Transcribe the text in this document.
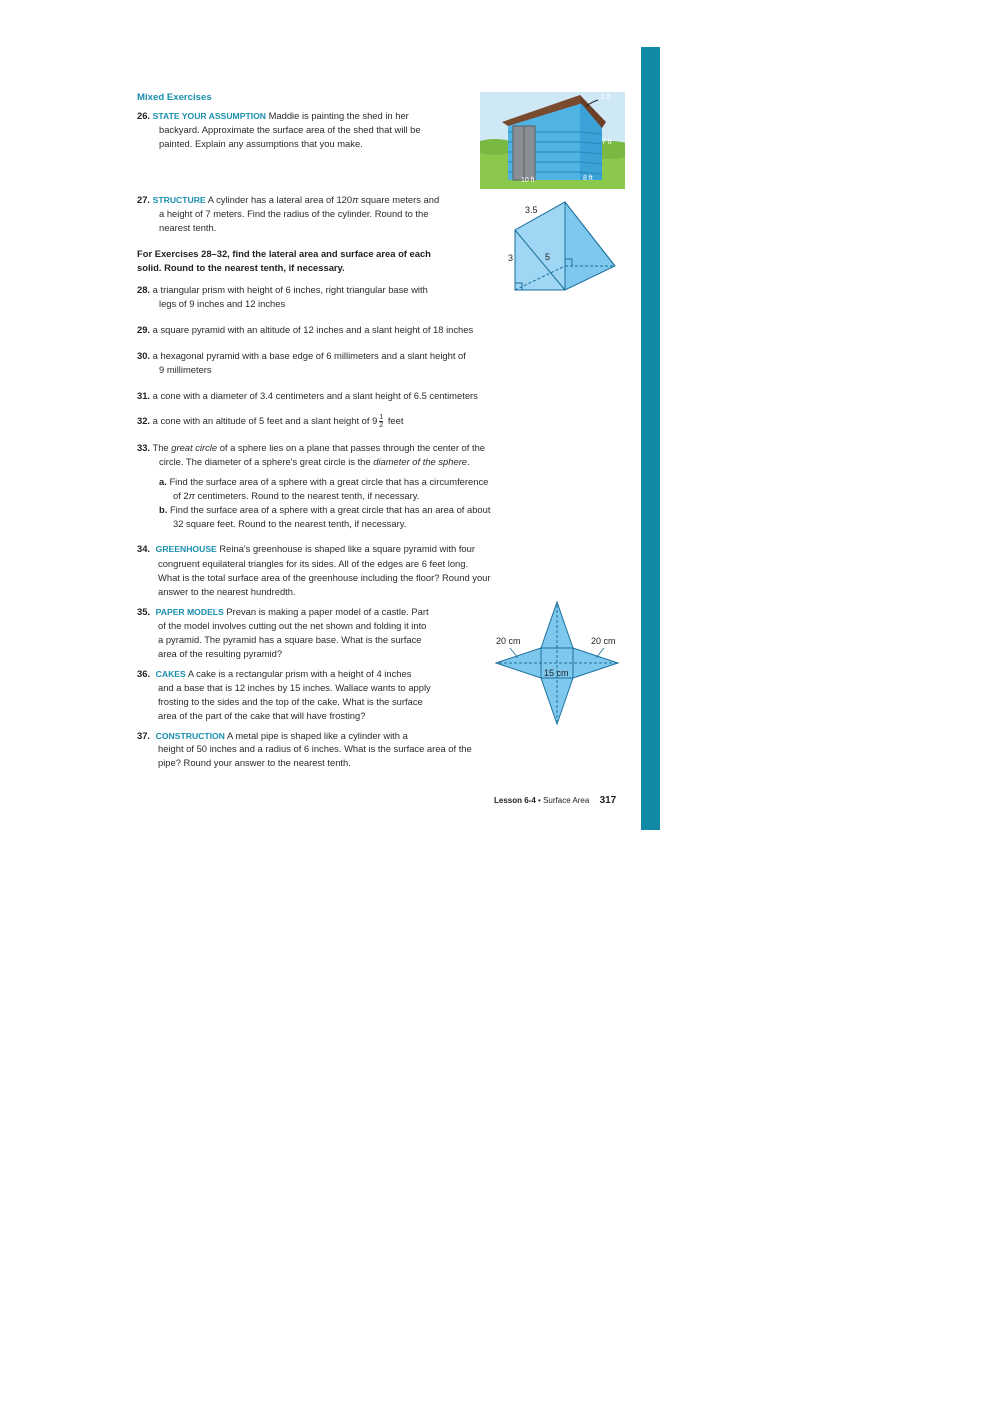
Mixed Exercises
26. STATE YOUR ASSUMPTION Maddie is painting the shed in her
backyard. Approximate the surface area of the shed that will be
painted. Explain any assumptions that you make.
2 ft
7 ft
10 ft	8 ft
27. STRUCTURE A cylinder has a lateral area of 120π square meters and
a height of 7 meters. Find the radius of the cylinder. Round to the
nearest tenth.
3.5
3	5
For Exercises 28–32, find the lateral area and surface area of each
solid. Round to the nearest tenth, if necessary.
28. a triangular prism with height of 6 inches, right triangular base with
legs of 9 inches and 12 inches
29. a square pyramid with an altitude of 12 inches and a slant height of 18 inches
30. a hexagonal pyramid with a base edge of 6 millimeters and a slant height of
9 millimeters
31. a cone with a diameter of 3.4 centimeters and a slant height of 6.5 centimeters
32. a cone with an altitude of 5 feet and a slant height of $9 \frac{1}{2}$ feet
33. The great circle of a sphere lies on a plane that passes through the center of the
circle. The diameter of a sphere's great circle is the diameter of the sphere.
a. Find the surface area of a sphere with a great circle that has a circumference
of 2π centimeters. Round to the nearest tenth, if necessary.
b. Find the surface area of a sphere with a great circle that has an area of about
32 square feet. Round to the nearest tenth, if necessary.
34. GREENHOUSE Reina's greenhouse is shaped like a square pyramid with four
congruent equilateral triangles for its sides. All of the edges are 6 feet long.
What is the total surface area of the greenhouse including the floor? Round your
answer to the nearest hundredth.
35. PAPER MODELS Prevan is making a paper model of a castle. Part
of the model involves cutting out the net shown and folding it into
a pyramid. The pyramid has a square base. What is the surface
area of the resulting pyramid?
20 cm	20 cm
15 cm
36. CAKES A cake is a rectangular prism with a height of 4 inches
and a base that is 12 inches by 15 inches. Wallace wants to apply
frosting to the sides and the top of the cake. What is the surface
area of the part of the cake that will have frosting?
37. CONSTRUCTION A metal pipe is shaped like a cylinder with a
height of 50 inches and a radius of 6 inches. What is the surface area of the
pipe? Round your answer to the nearest tenth.
Lesson 6-4 • Surface Area 317
